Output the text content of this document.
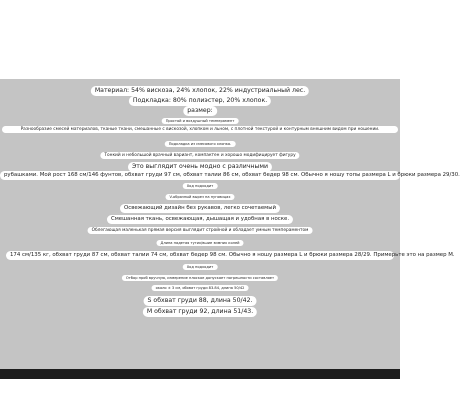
Материал: 54% вискоза, 24% хлопок, 22% индустриальный лес.
Подкладка: 80% полиэстер, 20% хлопок.
размер:
Простой и воздушный темперамент
Разнообразие смесей материалов, тканые ткани, смешанные с вискозой, хлопком и льном, с плотной текстурой и контурным внешним видом при ношении.
Подкладка из смесового хлопка.
Тонкий и небольшой врачный вариант, компактен и хорошо модифицирует фигуру
Это выглядит очень модно с различными
рубашками. Мой рост 168 см/146 фунтов, обхват груди 97 см, обхват талии 86 см, обхват бедер 98 см. Обычно я ношу топы размера L и брюки размера 29/30.
Ход подходит
V-образный вырез на пуговицах
Освежающий дизайн без рукавов, легко сочетаемый
Смешанная ткань, освежающая, дышащая и удобная в носке.
Облегающая маленькая прямая версия выглядит стройной и обладает умным темпераментом
Длина надетая тугих/вшие зимних колей
174 см/135 кг, обхват груди 87 см, обхват талии 74 см, обхват бедер 98 см. Обычно я ношу размера L и брюки размера 28/29. Примерьте это на размер M.
Ход подходит
Отбор проб вручную, измерение плоское допускает погрешности составляет
около ± 3 см, обхват груди 83.84, длина 50/42
S обхват груди 88, длина 50/42.
M обхват груди 92, длина 51/43.
